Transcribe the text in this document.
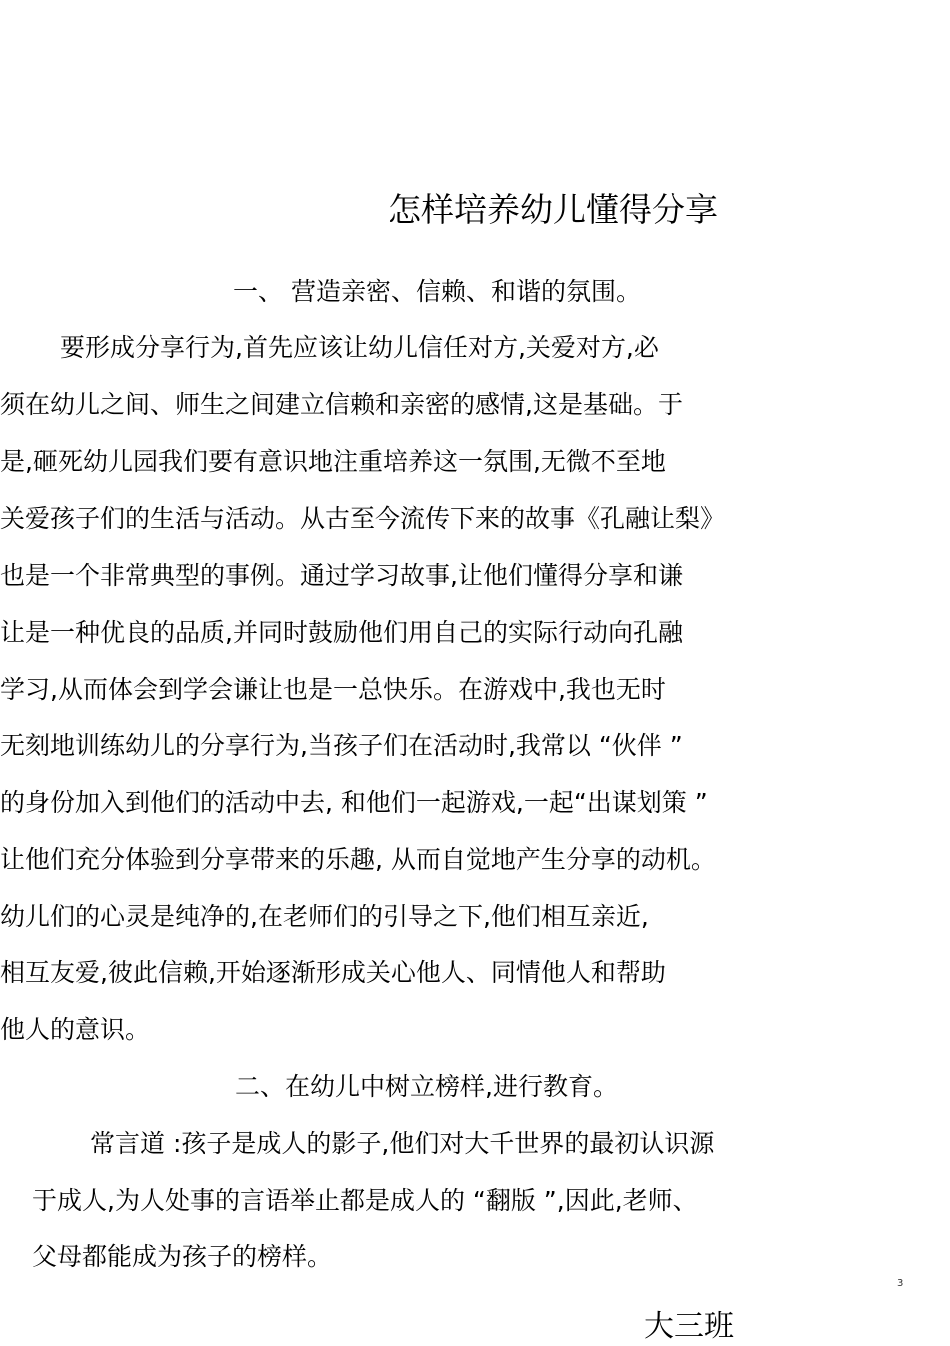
怎样培养幼儿懂得分享
一、 营造亲密、信赖、和谐的氛围。
要形成分享行为,首先应该让幼儿信任对方,关爱对方,必
须在幼儿之间、师生之间建立信赖和亲密的感情,这是基础。于
是,砸死幼儿园我们要有意识地注重培养这一氛围,无微不至地
关爱孩子们的生活与活动。从古至今流传下来的故事《孔融让梨》
也是一个非常典型的事例。通过学习故事,让他们懂得分享和谦
让是一种优良的品质,并同时鼓励他们用自己的实际行动向孔融
学习,从而体会到学会谦让也是一总快乐。在游戏中,我也无时
无刻地训练幼儿的分享行为,当孩子们在活动时,我常以 “伙伴 ”
的身份加入到他们的活动中去, 和他们一起游戏,一起“出谋划策 ”
让他们充分体验到分享带来的乐趣, 从而自觉地产生分享的动机。
幼儿们的心灵是纯净的,在老师们的引导之下,他们相互亲近,
相互友爱,彼此信赖,开始逐渐形成关心他人、同情他人和帮助
他人的意识。
二、在幼儿中树立榜样,进行教育。
常言道 :孩子是成人的影子,他们对大千世界的最初认识源
于成人,为人处事的言语举止都是成人的 “翻版 ”,因此,老师、
父母都能成为孩子的榜样。
3
大三班
